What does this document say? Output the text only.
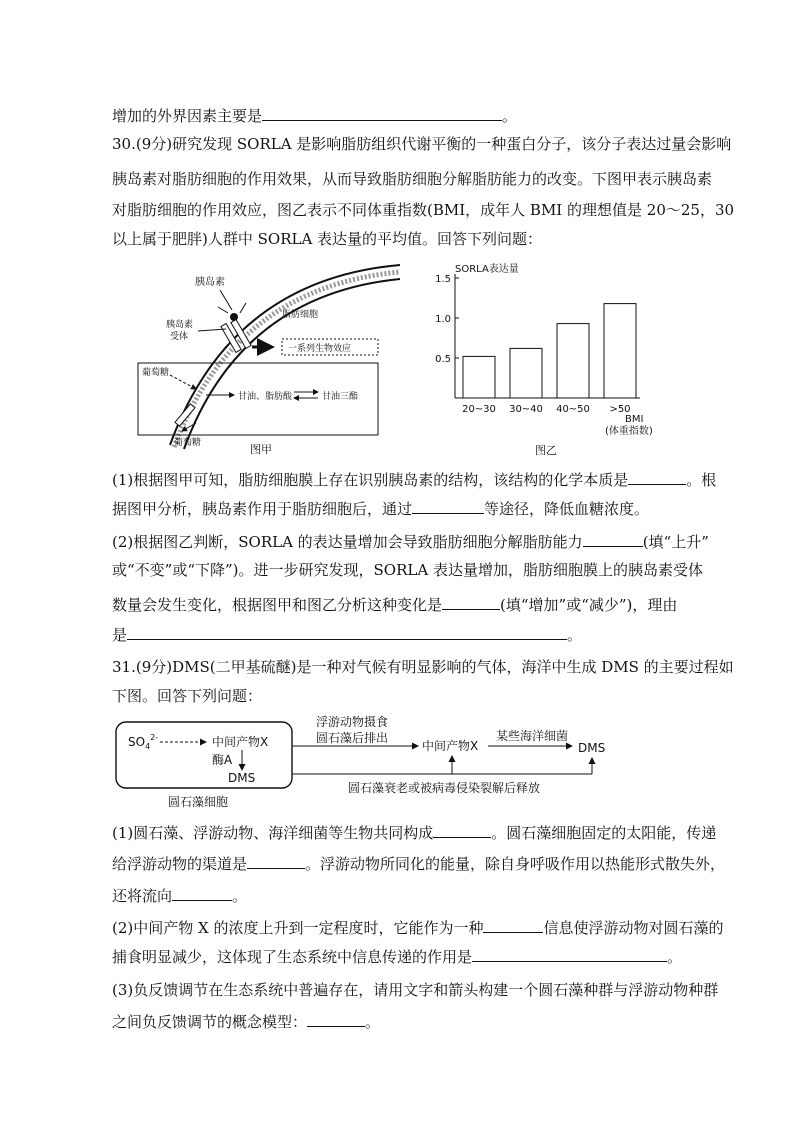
增加的外界因素主要是	。
30.(9分)研究发现 SORLA 是影响脂肪组织代谢平衡的一种蛋白分子，该分子表达过量会影响
胰岛素对脂肪细胞的作用效果，从而导致脂肪细胞分解脂肪能力的改变。下图甲表示胰岛素
对脂肪细胞的作用效应，图乙表示不同体重指数(BMI，成年人 BMI 的理想值是 20～25，30
以上属于肥胖)人群中 SORLA 表达量的平均值。回答下列问题：
胰岛素
胰岛素
受体
脂肪细胞
一系列生物效应
葡萄糖
甘油、脂肪酸	甘油三酯
葡萄糖	图甲
SORLA表达量
0.5
1.0
1.5
20~30 30~40 40~50 >50
BMI
(体重指数)
图乙
(1)根据图甲可知，脂肪细胞膜上存在识别胰岛素的结构，该结构的化学本质是	。根
据图甲分析，胰岛素作用于脂肪细胞后，通过	等途径，降低血糖浓度。
(2)根据图乙判断，SORLA 的表达量增加会导致脂肪细胞分解脂肪能力	(填“上升”
或“不变”或“下降”)。进一步研究发现，SORLA 表达量增加，脂肪细胞膜上的胰岛素受体
数量会发生变化，根据图甲和图乙分析这种变化是	(填“增加”或“减少”)，理由
是	。
31.(9分)DMS(二甲基硫醚)是一种对气候有明显影响的气体，海洋中生成 DMS 的主要过程如
下图。回答下列问题：
$SO_4^{2-}$	中间产物X
酶A
DMS
圆石藻细胞
浮游动物摄食
圆石藻后排出
中间产物X
某些海洋细菌
DMS
圆石藻衰老或被病毒侵染裂解后释放
(1)圆石藻、浮游动物、海洋细菌等生物共同构成	。圆石藻细胞固定的太阳能，传递
给浮游动物的渠道是	。浮游动物所同化的能量，除自身呼吸作用以热能形式散失外，
还将流向	。
(2)中间产物 X 的浓度上升到一定程度时，它能作为一种	信息使浮游动物对圆石藻的
捕食明显减少，这体现了生态系统中信息传递的作用是	。
(3)负反馈调节在生态系统中普遍存在，请用文字和箭头构建一个圆石藻种群与浮游动物种群
之间负反馈调节的概念模型：	。
